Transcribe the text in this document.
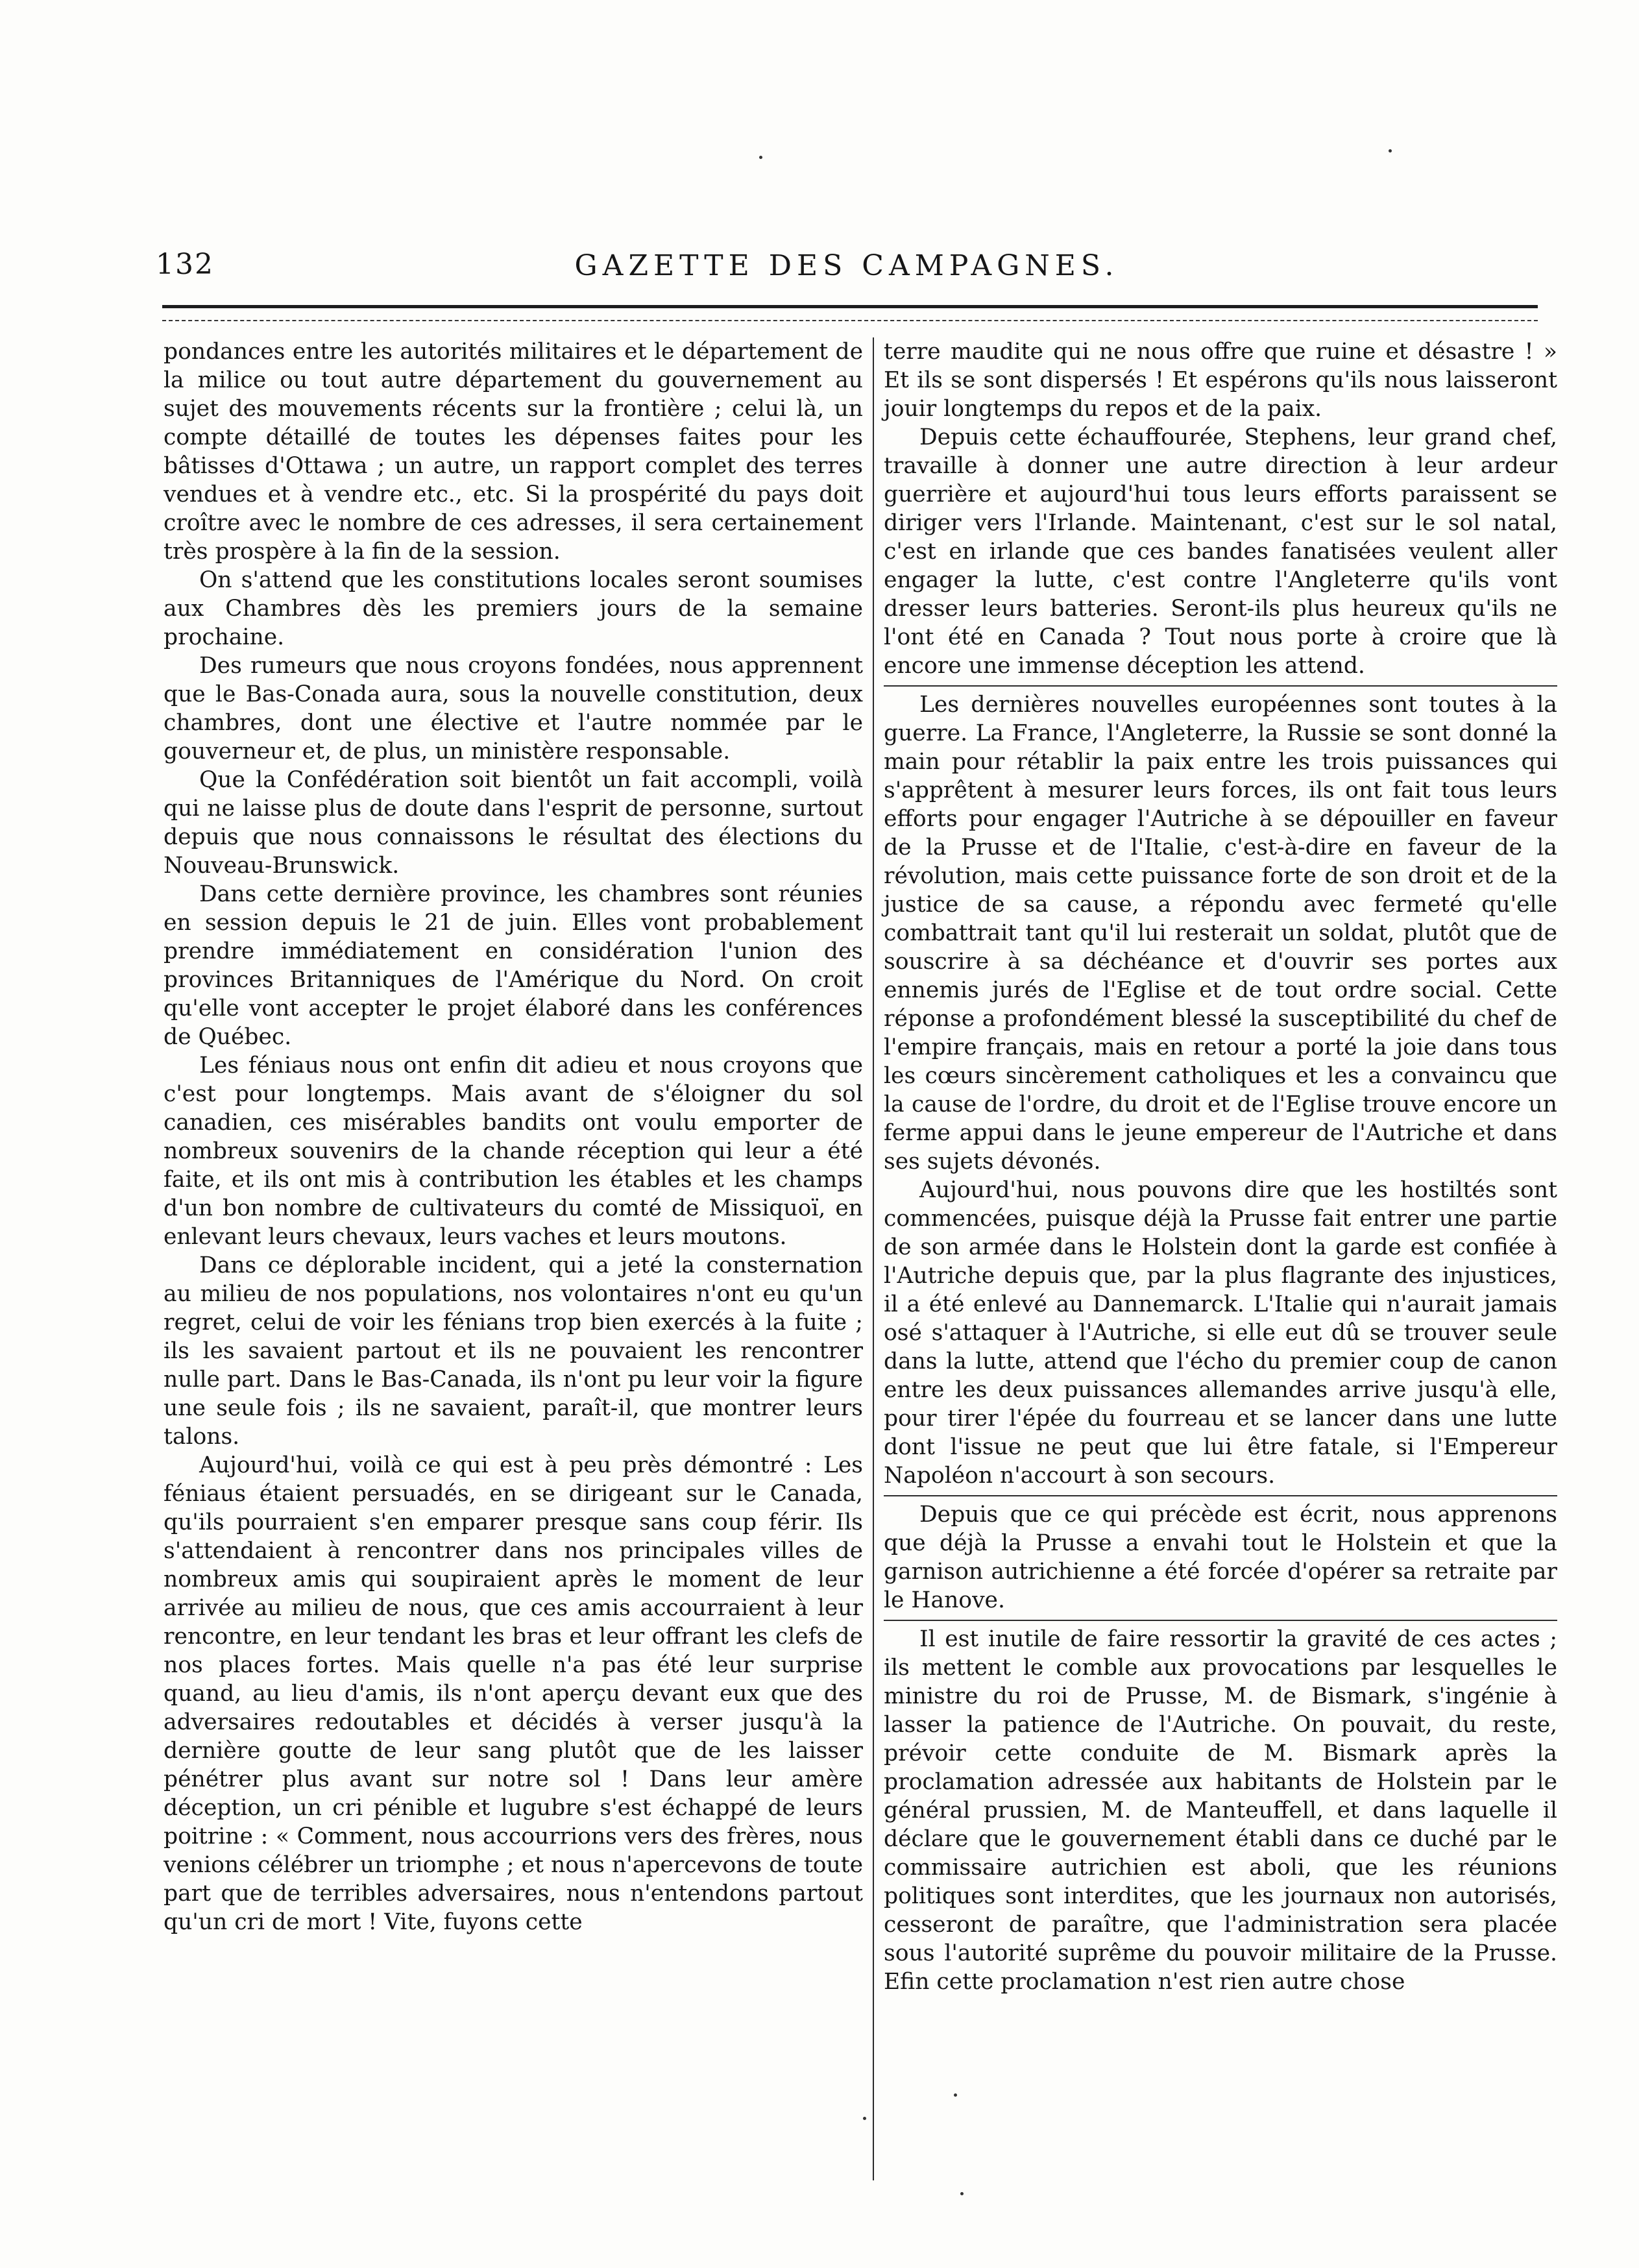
132	GAZETTE DES CAMPAGNES.

pondances entre les autorités militaires et le département de la milice ou tout autre département du gouvernement au sujet des mouvements récents sur la frontière ; celui là, un compte détaillé de toutes les dépenses faites pour les bâtisses d'Ottawa ; un autre, un rapport complet des terres vendues et à vendre etc., etc. Si la prospérité du pays doit croître avec le nombre de ces adresses, il sera certainement très prospère à la fin de la session.

On s'attend que les constitutions locales seront soumises aux Chambres dès les premiers jours de la semaine prochaine.

Des rumeurs que nous croyons fondées, nous apprennent que le Bas-Conada aura, sous la nouvelle constitution, deux chambres, dont une élective et l'autre nommée par le gouverneur et, de plus, un ministère responsable.

Que la Confédération soit bientôt un fait accompli, voilà qui ne laisse plus de doute dans l'esprit de personne, surtout depuis que nous connaissons le résultat des élections du Nouveau-Brunswick.

Dans cette dernière province, les chambres sont réunies en session depuis le 21 de juin. Elles vont probablement prendre immédiatement en considération l'union des provinces Britanniques de l'Amérique du Nord. On croit qu'elle vont accepter le projet élaboré dans les conférences de Québec.

Les féniaus nous ont enfin dit adieu et nous croyons que c'est pour longtemps. Mais avant de s'éloigner du sol canadien, ces misérables bandits ont voulu emporter de nombreux souvenirs de la chande réception qui leur a été faite, et ils ont mis à contribution les étables et les champs d'un bon nombre de cultivateurs du comté de Missiquoï, en enlevant leurs chevaux, leurs vaches et leurs moutons.

Dans ce déplorable incident, qui a jeté la consternation au milieu de nos populations, nos volontaires n'ont eu qu'un regret, celui de voir les fénians trop bien exercés à la fuite ; ils les savaient partout et ils ne pouvaient les rencontrer nulle part. Dans le Bas-Canada, ils n'ont pu leur voir la figure une seule fois ; ils ne savaient, paraît-il, que montrer leurs talons.

Aujourd'hui, voilà ce qui est à peu près démontré : Les féniaus étaient persuadés, en se dirigeant sur le Canada, qu'ils pourraient s'en emparer presque sans coup férir. Ils s'attendaient à rencontrer dans nos principales villes de nombreux amis qui soupiraient après le moment de leur arrivée au milieu de nous, que ces amis accourraient à leur rencontre, en leur tendant les bras et leur offrant les clefs de nos places fortes. Mais quelle n'a pas été leur surprise quand, au lieu d'amis, ils n'ont aperçu devant eux que des adversaires redoutables et décidés à verser jusqu'à la dernière goutte de leur sang plutôt que de les laisser pénétrer plus avant sur notre sol ! Dans leur amère déception, un cri pénible et lugubre s'est échappé de leurs poitrine : « Comment, nous accourrions vers des frères, nous venions célébrer un triomphe ; et nous n'apercevons de toute part que de terribles adversaires, nous n'entendons partout qu'un cri de mort ! Vite, fuyons cette

terre maudite qui ne nous offre que ruine et désastre ! » Et ils se sont dispersés ! Et espérons qu'ils nous laisseront jouir longtemps du repos et de la paix.

Depuis cette échauffourée, Stephens, leur grand chef, travaille à donner une autre direction à leur ardeur guerrière et aujourd'hui tous leurs efforts paraissent se diriger vers l'Irlande. Maintenant, c'est sur le sol natal, c'est en irlande que ces bandes fanatisées veulent aller engager la lutte, c'est contre l'Angleterre qu'ils vont dresser leurs batteries. Seront-ils plus heureux qu'ils ne l'ont été en Canada ? Tout nous porte à croire que là encore une immense déception les attend.

Les dernières nouvelles européennes sont toutes à la guerre. La France, l'Angleterre, la Russie se sont donné la main pour rétablir la paix entre les trois puissances qui s'apprêtent à mesurer leurs forces, ils ont fait tous leurs efforts pour engager l'Autriche à se dépouiller en faveur de la Prusse et de l'Italie, c'est-à-dire en faveur de la révolution, mais cette puissance forte de son droit et de la justice de sa cause, a répondu avec fermeté qu'elle combattrait tant qu'il lui resterait un soldat, plutôt que de souscrire à sa déchéance et d'ouvrir ses portes aux ennemis jurés de l'Eglise et de tout ordre social. Cette réponse a profondément blessé la susceptibilité du chef de l'empire français, mais en retour a porté la joie dans tous les cœurs sincèrement catholiques et les a convaincu que la cause de l'ordre, du droit et de l'Eglise trouve encore un ferme appui dans le jeune empereur de l'Autriche et dans ses sujets dévonés.

Aujourd'hui, nous pouvons dire que les hostiltés sont commencées, puisque déjà la Prusse fait entrer une partie de son armée dans le Holstein dont la garde est confiée à l'Autriche depuis que, par la plus flagrante des injustices, il a été enlevé au Dannemarck. L'Italie qui n'aurait jamais osé s'attaquer à l'Autriche, si elle eut dû se trouver seule dans la lutte, attend que l'écho du premier coup de canon entre les deux puissances allemandes arrive jusqu'à elle, pour tirer l'épée du fourreau et se lancer dans une lutte dont l'issue ne peut que lui être fatale, si l'Empereur Napoléon n'accourt à son secours.

Depuis que ce qui précède est écrit, nous apprenons que déjà la Prusse a envahi tout le Holstein et que la garnison autrichienne a été forcée d'opérer sa retraite par le Hanove.

Il est inutile de faire ressortir la gravité de ces actes ; ils mettent le comble aux provocations par lesquelles le ministre du roi de Prusse, M. de Bismark, s'ingénie à lasser la patience de l'Autriche. On pouvait, du reste, prévoir cette conduite de M. Bismark après la proclamation adressée aux habitants de Holstein par le général prussien, M. de Manteuffell, et dans laquelle il déclare que le gouvernement établi dans ce duché par le commissaire autrichien est aboli, que les réunions politiques sont interdites, que les journaux non autorisés, cesseront de paraître, que l'administration sera placée sous l'autorité suprême du pouvoir militaire de la Prusse. Efin cette proclamation n'est rien autre chose
